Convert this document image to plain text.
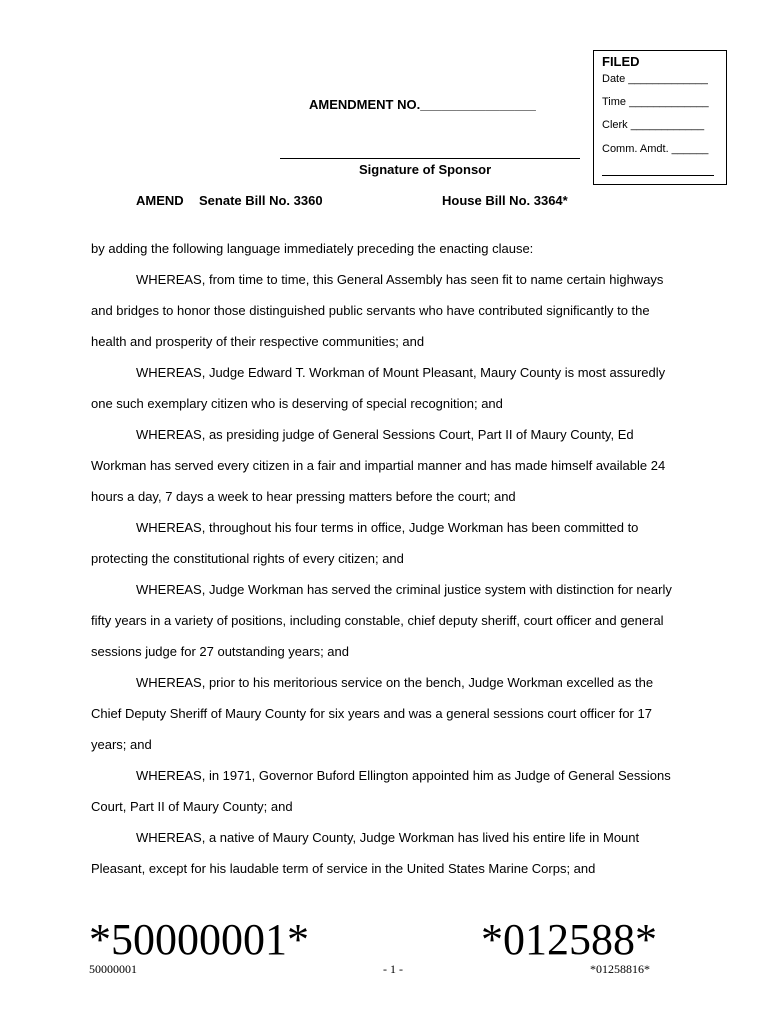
FILED
Date _____________
Time _____________
Clerk ____________
Comm. Amdt. ______
AMENDMENT NO.________________
Signature of Sponsor
AMEND Senate Bill No. 3360	House Bill No. 3364*

by adding the following language immediately preceding the enacting clause:

WHEREAS, from time to time, this General Assembly has seen fit to name certain highways and bridges to honor those distinguished public servants who have contributed significantly to the health and prosperity of their respective communities; and

WHEREAS, Judge Edward T. Workman of Mount Pleasant, Maury County is most assuredly one such exemplary citizen who is deserving of special recognition; and

WHEREAS, as presiding judge of General Sessions Court, Part II of Maury County, Ed Workman has served every citizen in a fair and impartial manner and has made himself available 24 hours a day, 7 days a week to hear pressing matters before the court; and

WHEREAS, throughout his four terms in office, Judge Workman has been committed to protecting the constitutional rights of every citizen; and

WHEREAS, Judge Workman has served the criminal justice system with distinction for nearly fifty years in a variety of positions, including constable, chief deputy sheriff, court officer and general sessions judge for 27 outstanding years; and

WHEREAS, prior to his meritorious service on the bench, Judge Workman excelled as the Chief Deputy Sheriff of Maury County for six years and was a general sessions court officer for 17 years; and

WHEREAS, in 1971, Governor Buford Ellington appointed him as Judge of General Sessions Court, Part II of Maury County; and

WHEREAS, a native of Maury County, Judge Workman has lived his entire life in Mount Pleasant, except for his laudable term of service in the United States Marine Corps; and

*50000001*	*012588*
50000001	- 1 -	*01258816*
